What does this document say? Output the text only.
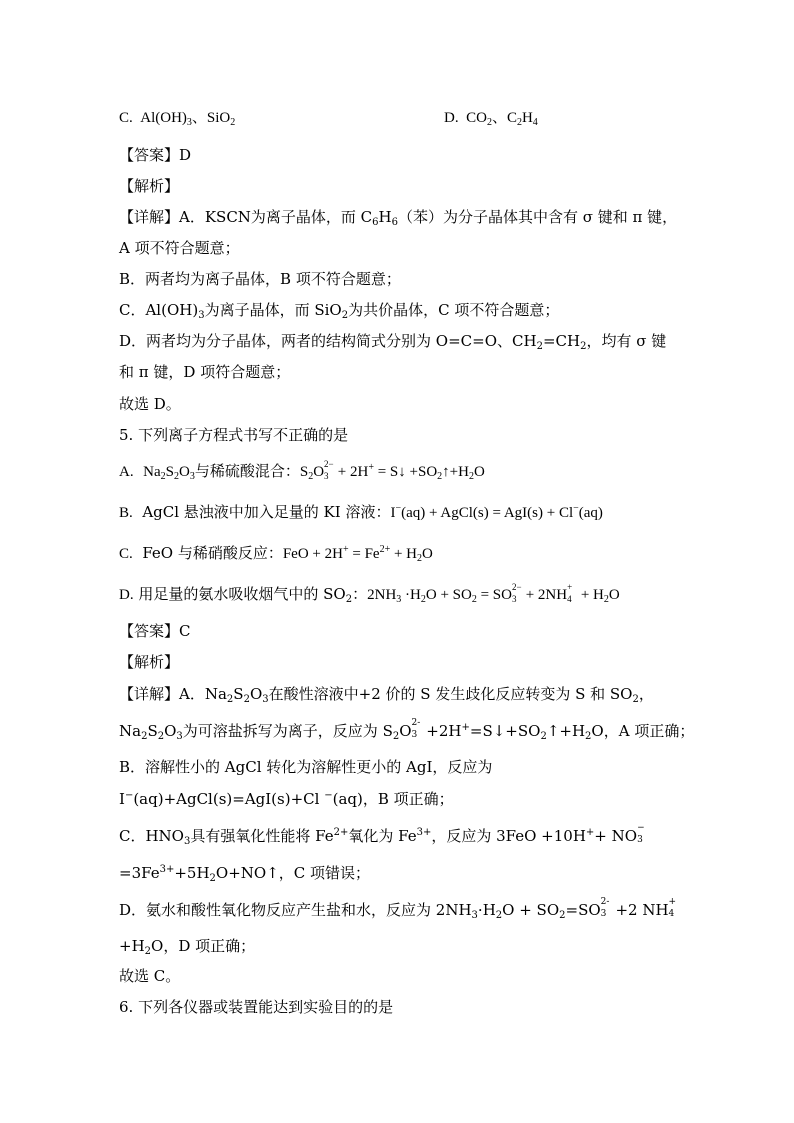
C. $Al(OH)_3$、SiO$_2$	D. $CO_2$、$C_2H_4$
【答案】D
【解析】
【详解】A．KSCN为离子晶体，而 $C_6H_6$（苯）为分子晶体其中含有 σ 键和 π 键，
A 项不符合题意；
B．两者均为离子晶体，B 项不符合题意；
C．$Al(OH)_3$为离子晶体，而 SiO$_2$为共价晶体，C 项不符合题意；
D．两者均为分子晶体，两者的结构简式分别为 O=C=O、$CH_2=CH_2$，均有 σ 键
和 π 键，D 项符合题意；
故选 D。
5. 下列离子方程式书写不正确的是
A. $Na_2S_2O_3$与稀硫酸混合：$S_2O$
2−
3 + 2H+ = S↓ $+SO_2↑+H_2O$
B. AgCl 悬浊液中加入足量的 KI 溶液：I−(aq) + AgCl(s) = AgI(s) + Cl−(aq)
C. FeO 与稀硝酸反应：FeO + $2H^+ = Fe^{2+} + H_2O$
D. 用足量的氨水吸收烟气中的 $SO_2$：$2NH_3 \cdot H_2O + SO_2$ = SO
2−
3 + 2NH
+
$4 + H_2O$
【答案】C
【解析】
【详解】A．$Na_2S_2O_3$在酸性溶液中+2 价的 S 发生歧化反应转变为 S 和 $SO_2$，
$Na_2S_2O_3$为可溶盐拆写为离子，反应为 $S_2O$ 2-
$3 +2H^+=S↓+SO_2↑+H_2O$，A 项正确；
B．溶解性小的 AgCl 转化为溶解性更小的 AgI，反应为
I−(aq)+AgCl(s)=AgI(s)+Cl −(aq)，B 项正确；
C．$HNO_3$具有强氧化性能将 $Fe^{2+}$氧化为 $Fe^{3+}$，反应为 3FeO +10H++ NO −
3
$=3Fe^{3+}+5H_2O+NO↑$，C 项错误；
D．氨水和酸性氧化物反应产生盐和水，反应为 $2NH_3\cdot H_2O + SO_2=SO$ 2-
3 +2 NH +
4
$+H_2O$，D 项正确；
故选 C。
6. 下列各仪器或装置能达到实验目的的是
